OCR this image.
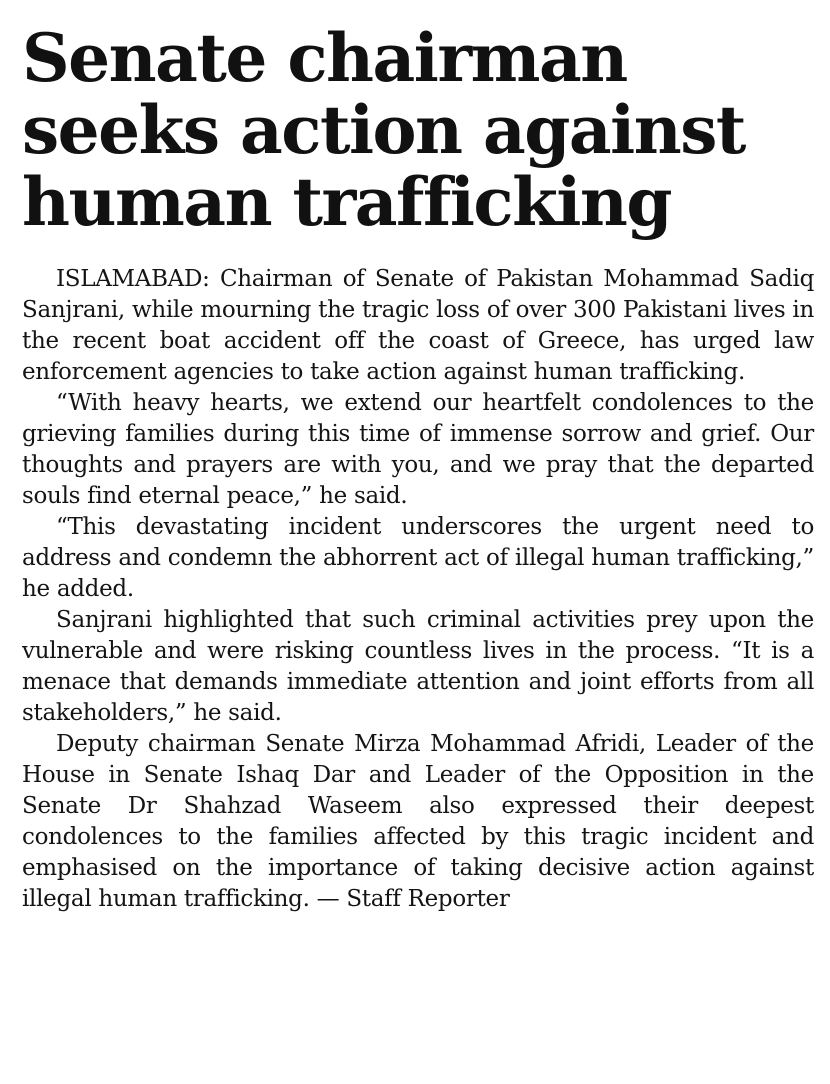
Senate chairman
seeks action against
human trafficking

ISLAMABAD: Chairman of Senate of Pakistan Mohammad Sadiq Sanjrani, while mourning the tragic loss of over 300 Pakistani lives in the recent boat accident off the coast of Greece, has urged law enforcement agencies to take action against human trafficking.

“With heavy hearts, we extend our heartfelt condolences to the grieving families during this time of immense sorrow and grief. Our thoughts and prayers are with you, and we pray that the departed souls find eternal peace,” he said.

“This devastating incident underscores the urgent need to address and condemn the abhorrent act of illegal human trafficking,” he added.

Sanjrani highlighted that such criminal activities prey upon the vulnerable and were risking countless lives in the process. “It is a menace that demands immediate attention and joint efforts from all stakeholders,” he said.

Deputy chairman Senate Mirza Mohammad Afridi, Leader of the House in Senate Ishaq Dar and Leader of the Opposition in the Senate Dr Shahzad Waseem also expressed their deepest condolences to the families affected by this tragic incident and emphasised on the importance of taking decisive action against illegal human trafficking. — Staff Reporter
